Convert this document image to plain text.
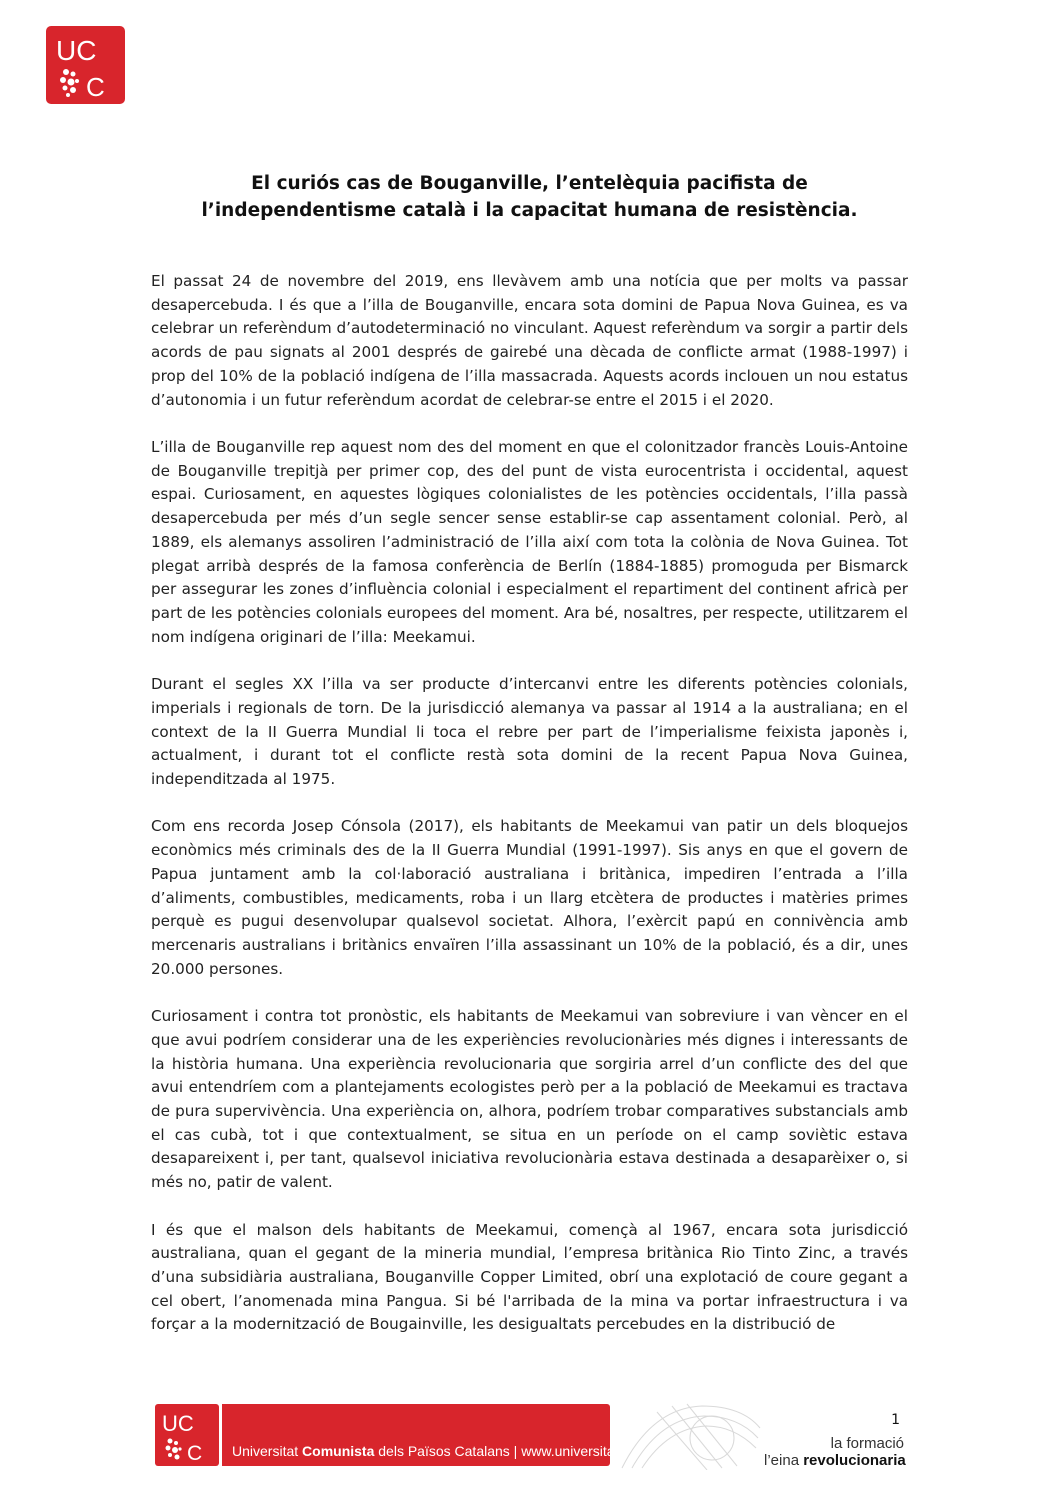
UC
C
El curiós cas de Bouganville, l’entelèquia pacifista de
l’independentisme català i la capacitat humana de resistència.

El passat 24 de novembre del 2019, ens llevàvem amb una notícia que per molts va passar desapercebuda. I és que a l’illa de Bouganville, encara sota domini de Papua Nova Guinea, es va celebrar un referèndum d’autodeterminació no vinculant. Aquest referèndum va sorgir a partir dels acords de pau signats al 2001 després de gairebé una dècada de conflicte armat (1988-1997) i prop del 10% de la població indígena de l’illa massacrada. Aquests acords inclouen un nou estatus d’autonomia i un futur referèndum acordat de celebrar-se entre el 2015 i el 2020.

L’illa de Bouganville rep aquest nom des del moment en que el colonitzador francès Louis-Antoine de Bouganville trepitjà per primer cop, des del punt de vista eurocentrista i occidental, aquest espai. Curiosament, en aquestes lògiques colonialistes de les potències occidentals, l’illa passà desapercebuda per més d’un segle sencer sense establir-se cap assentament colonial. Però, al 1889, els alemanys assoliren l’administració de l’illa així com tota la colònia de Nova Guinea. Tot plegat arribà després de la famosa conferència de Berlín (1884-1885) promoguda per Bismarck per assegurar les zones d’influència colonial i especialment el repartiment del continent africà per part de les potències colonials europees del moment. Ara bé, nosaltres, per respecte, utilitzarem el nom indígena originari de l’illa: Meekamui.

Durant el segles XX l’illa va ser producte d’intercanvi entre les diferents potències colonials, imperials i regionals de torn. De la jurisdicció alemanya va passar al 1914 a la australiana; en el context de la II Guerra Mundial li toca el rebre per part de l’imperialisme feixista japonès i, actualment, i durant tot el conflicte restà sota domini de la recent Papua Nova Guinea, independitzada al 1975.

Com ens recorda Josep Cónsola (2017), els habitants de Meekamui van patir un dels bloquejos econòmics més criminals des de la II Guerra Mundial (1991-1997). Sis anys en que el govern de Papua juntament amb la col·laboració australiana i britànica, impediren l’entrada a l’illa d’aliments, combustibles, medicaments, roba i un llarg etcètera de productes i matèries primes perquè es pugui desenvolupar qualsevol societat. Alhora, l’exèrcit papú en connivència amb mercenaris australians i britànics envaïren l’illa assassinant un 10% de la població, és a dir, unes 20.000 persones.

Curiosament i contra tot pronòstic, els habitants de Meekamui van sobreviure i van vèncer en el que avui podríem considerar una de les experiències revolucionàries més dignes i interessants de la història humana. Una experiència revolucionaria que sorgiria arrel d’un conflicte des del que avui entendríem com a plantejaments ecologistes però per a la població de Meekamui es tractava de pura supervivència. Una experiència on, alhora, podríem trobar comparatives substancials amb el cas cubà, tot i que contextualment, se situa en un període on el camp soviètic estava desapareixent i, per tant, qualsevol iniciativa revolucionària estava destinada a desaparèixer o, si més no, patir de valent.

I és que el malson dels habitants de Meekamui, començà al 1967, encara sota jurisdicció australiana, quan el gegant de la mineria mundial, l’empresa britànica Rio Tinto Zinc, a través d’una subsidiària australiana, Bouganville Copper Limited, obrí una explotació de coure gegant a cel obert, l’anomenada mina Pangua. Si bé l'arribada de la mina va portar infraestructura i va forçar a la modernització de Bougainville, les desigualtats percebudes en la distribució de

UC
C Universitat Comunista dels Països Catalans | www.universitat.cat
1
la formació
l’eina revolucionaria
